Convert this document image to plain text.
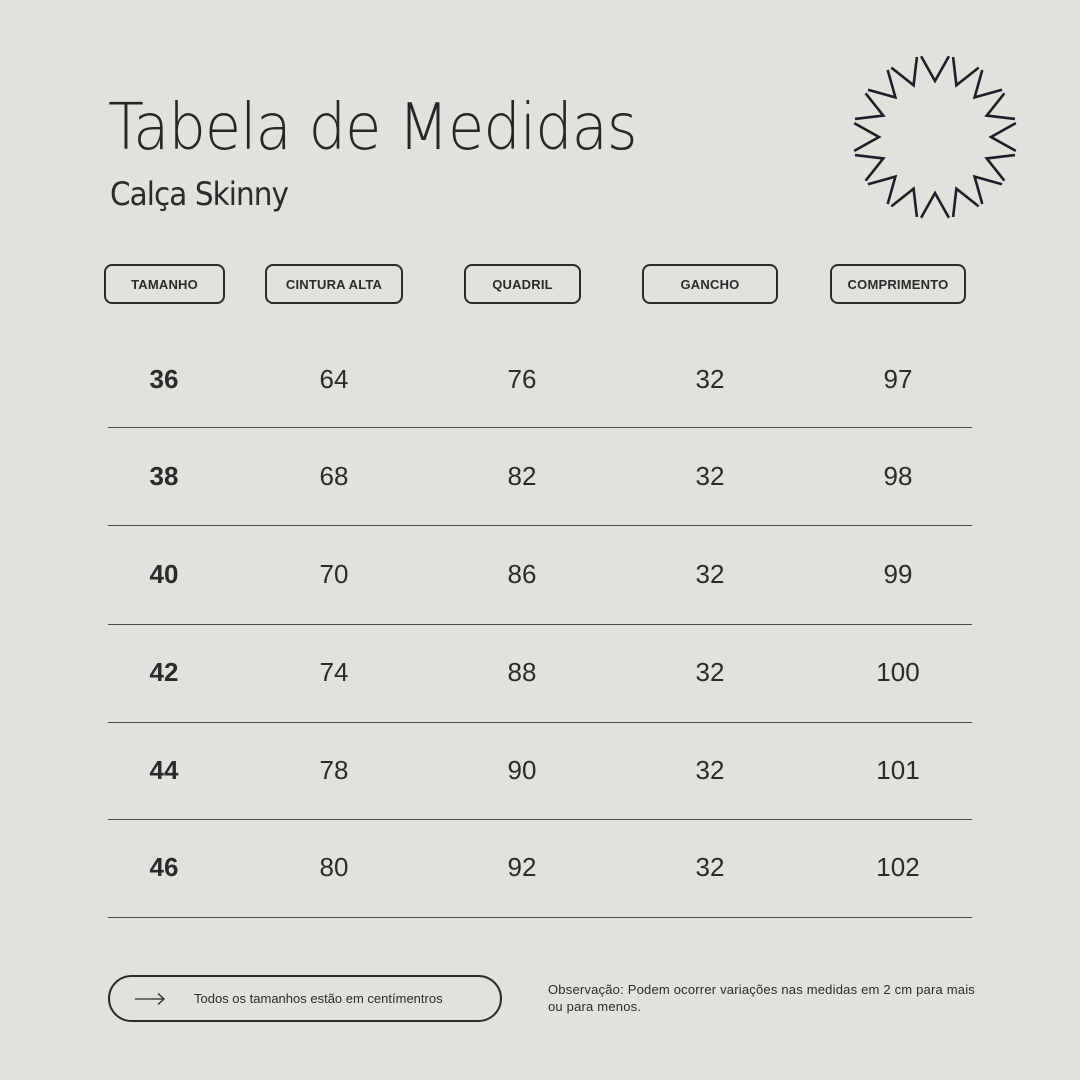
Tabela de Medidas
Calça Skinny
TAMANHO	CINTURA ALTA	QUADRIL	GANCHO	COMPRIMENTO
36	64	76	32	97
38	68	82	32	98
40	70	86	32	99
42	74	88	32	100
44	78	90	32	101
46	80	92	32	102
Todos os tamanhos estão em centímentros
Observação: Podem ocorrer variações nas medidas em 2 cm para mais ou para menos.
